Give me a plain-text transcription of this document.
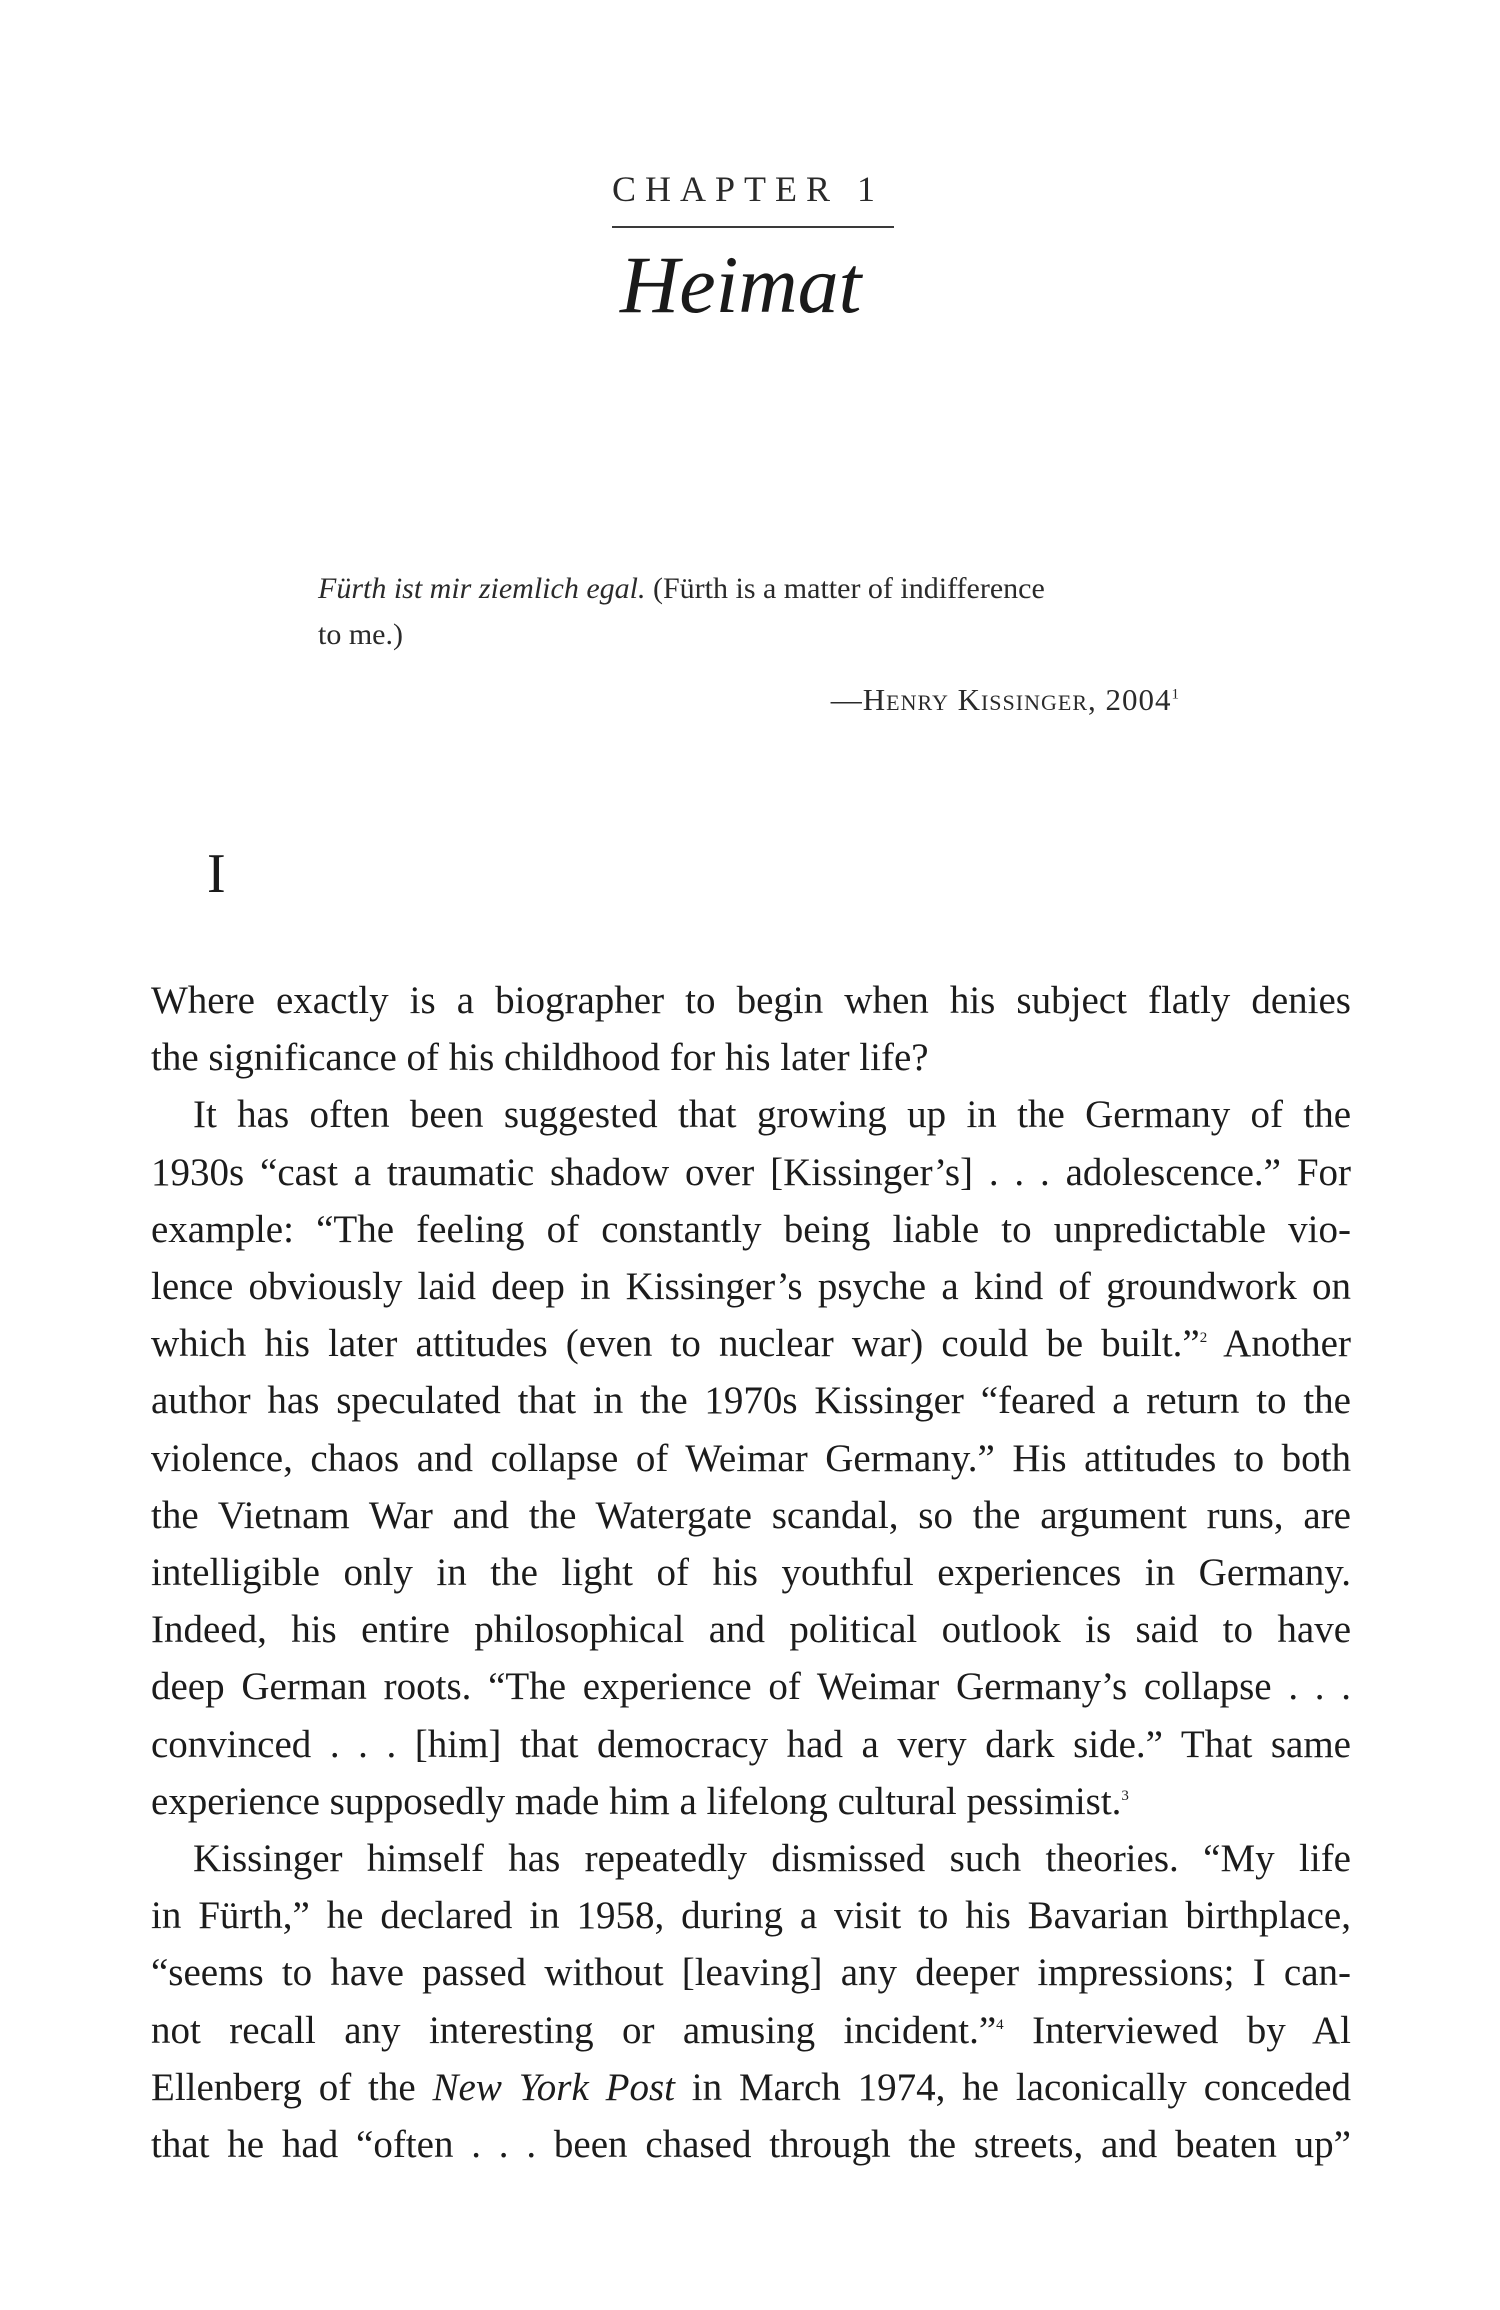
CHAPTER 1
Heimat
Fürth ist mir ziemlich egal. (Fürth is a matter of indifference
to me.)
—Henry Kissinger, 2004$^1$
I

Where exactly is a biographer to begin when his subject flatly denies
the significance of his childhood for his later life?

It has often been suggested that growing up in the Germany of the
1930s “cast a traumatic shadow over [Kissinger’s] . . . adolescence.” For
example: “The feeling of constantly being liable to unpredictable vio-
lence obviously laid deep in Kissinger’s psyche a kind of groundwork on
which his later attitudes (even to nuclear war) could be built.”$^2$ Another
author has speculated that in the 1970s Kissinger “feared a return to the
violence, chaos and collapse of Weimar Germany.” His attitudes to both
the Vietnam War and the Watergate scandal, so the argument runs, are
intelligible only in the light of his youthful experiences in Germany.
Indeed, his entire philosophical and political outlook is said to have
deep German roots. “The experience of Weimar Germany’s collapse . . .
convinced . . . [him] that democracy had a very dark side.” That same
experience supposedly made him a lifelong cultural pessimist.$^3$

Kissinger himself has repeatedly dismissed such theories. “My life
in Fürth,” he declared in 1958, during a visit to his Bavarian birthplace,
“seems to have passed without [leaving] any deeper impressions; I can-
not recall any interesting or amusing incident.”$^4$ Interviewed by Al
Ellenberg of the New York Post in March 1974, he laconically conceded
that he had “often . . . been chased through the streets, and beaten up”
